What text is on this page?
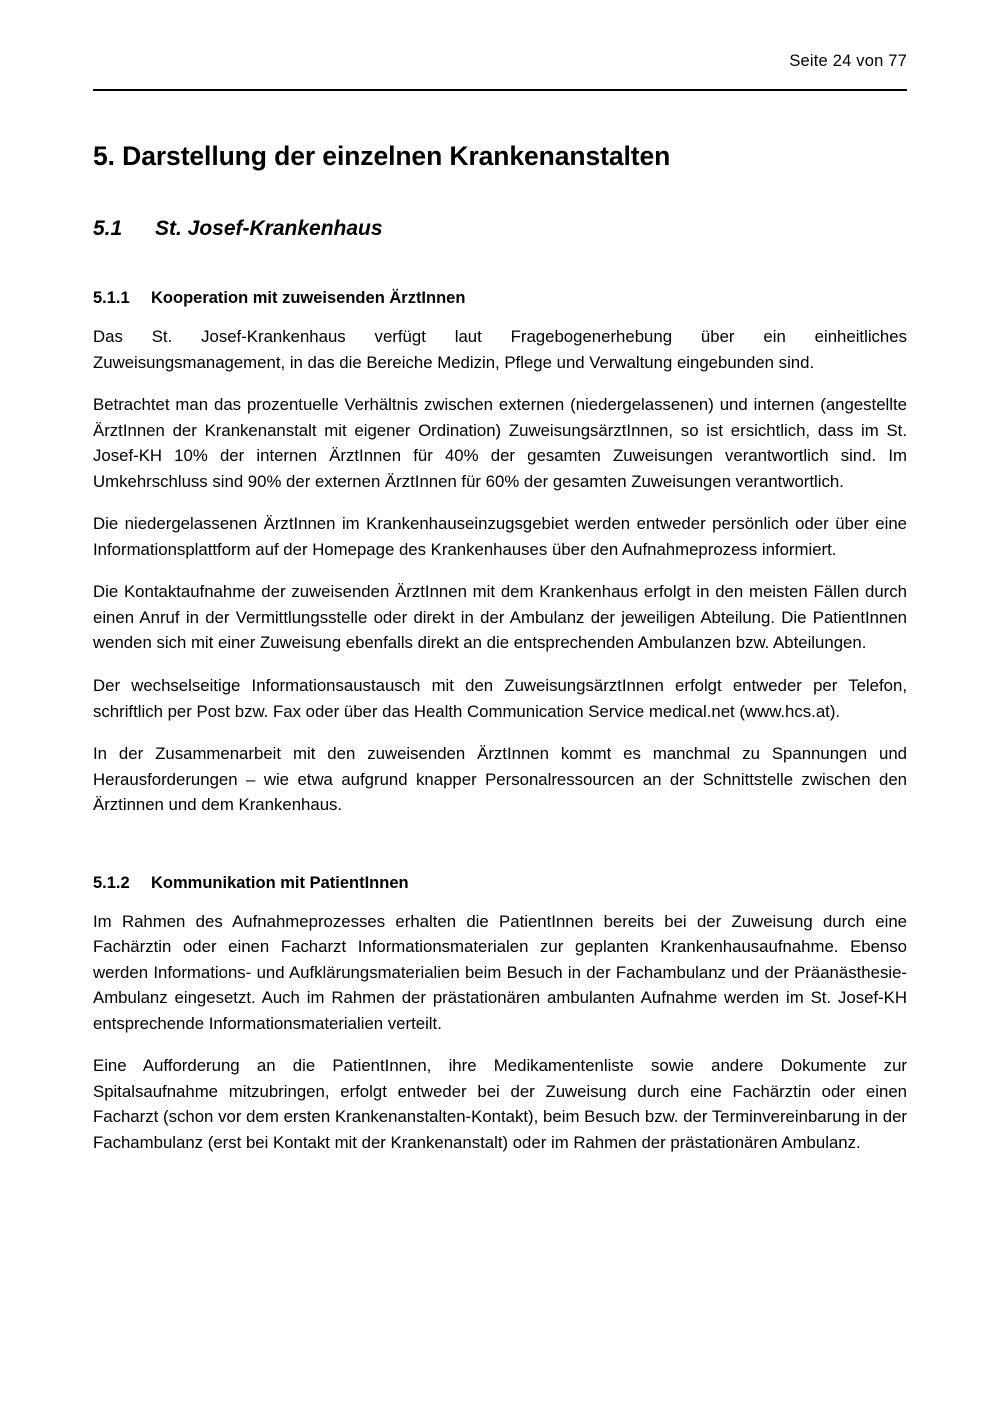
Seite 24 von 77
5. Darstellung der einzelnen Krankenanstalten
5.1 St. Josef-Krankenhaus
5.1.1 Kooperation mit zuweisenden ÄrztInnen

Das St. Josef-Krankenhaus verfügt laut Fragebogenerhebung über ein einheitliches Zuweisungsmanagement, in das die Bereiche Medizin, Pflege und Verwaltung eingebunden sind.

Betrachtet man das prozentuelle Verhältnis zwischen externen (niedergelassenen) und internen (angestellte ÄrztInnen der Krankenanstalt mit eigener Ordination) ZuweisungsärztInnen, so ist ersichtlich, dass im St. Josef-KH 10% der internen ÄrztInnen für 40% der gesamten Zuweisungen verantwortlich sind. Im Umkehrschluss sind 90% der externen ÄrztInnen für 60% der gesamten Zuweisungen verantwortlich.

Die niedergelassenen ÄrztInnen im Krankenhauseinzugsgebiet werden entweder persönlich oder über eine Informationsplattform auf der Homepage des Krankenhauses über den Aufnahmeprozess informiert.

Die Kontaktaufnahme der zuweisenden ÄrztInnen mit dem Krankenhaus erfolgt in den meisten Fällen durch einen Anruf in der Vermittlungsstelle oder direkt in der Ambulanz der jeweiligen Abteilung. Die PatientInnen wenden sich mit einer Zuweisung ebenfalls direkt an die entsprechenden Ambulanzen bzw. Abteilungen.

Der wechselseitige Informationsaustausch mit den ZuweisungsärztInnen erfolgt entweder per Telefon, schriftlich per Post bzw. Fax oder über das Health Communication Service medical.net (www.hcs.at).

In der Zusammenarbeit mit den zuweisenden ÄrztInnen kommt es manchmal zu Spannungen und Herausforderungen – wie etwa aufgrund knapper Personalressourcen an der Schnittstelle zwischen den Ärztinnen und dem Krankenhaus.

5.1.2 Kommunikation mit PatientInnen

Im Rahmen des Aufnahmeprozesses erhalten die PatientInnen bereits bei der Zuweisung durch eine Fachärztin oder einen Facharzt Informationsmaterialen zur geplanten Krankenhausaufnahme. Ebenso werden Informations- und Aufklärungsmaterialien beim Besuch in der Fachambulanz und der Präanästhesie-Ambulanz eingesetzt. Auch im Rahmen der prästationären ambulanten Aufnahme werden im St. Josef-KH entsprechende Informationsmaterialien verteilt.

Eine Aufforderung an die PatientInnen, ihre Medikamentenliste sowie andere Dokumente zur Spitalsaufnahme mitzubringen, erfolgt entweder bei der Zuweisung durch eine Fachärztin oder einen Facharzt (schon vor dem ersten Krankenanstalten-Kontakt), beim Besuch bzw. der Terminvereinbarung in der Fachambulanz (erst bei Kontakt mit der Krankenanstalt) oder im Rahmen der prästationären Ambulanz.
